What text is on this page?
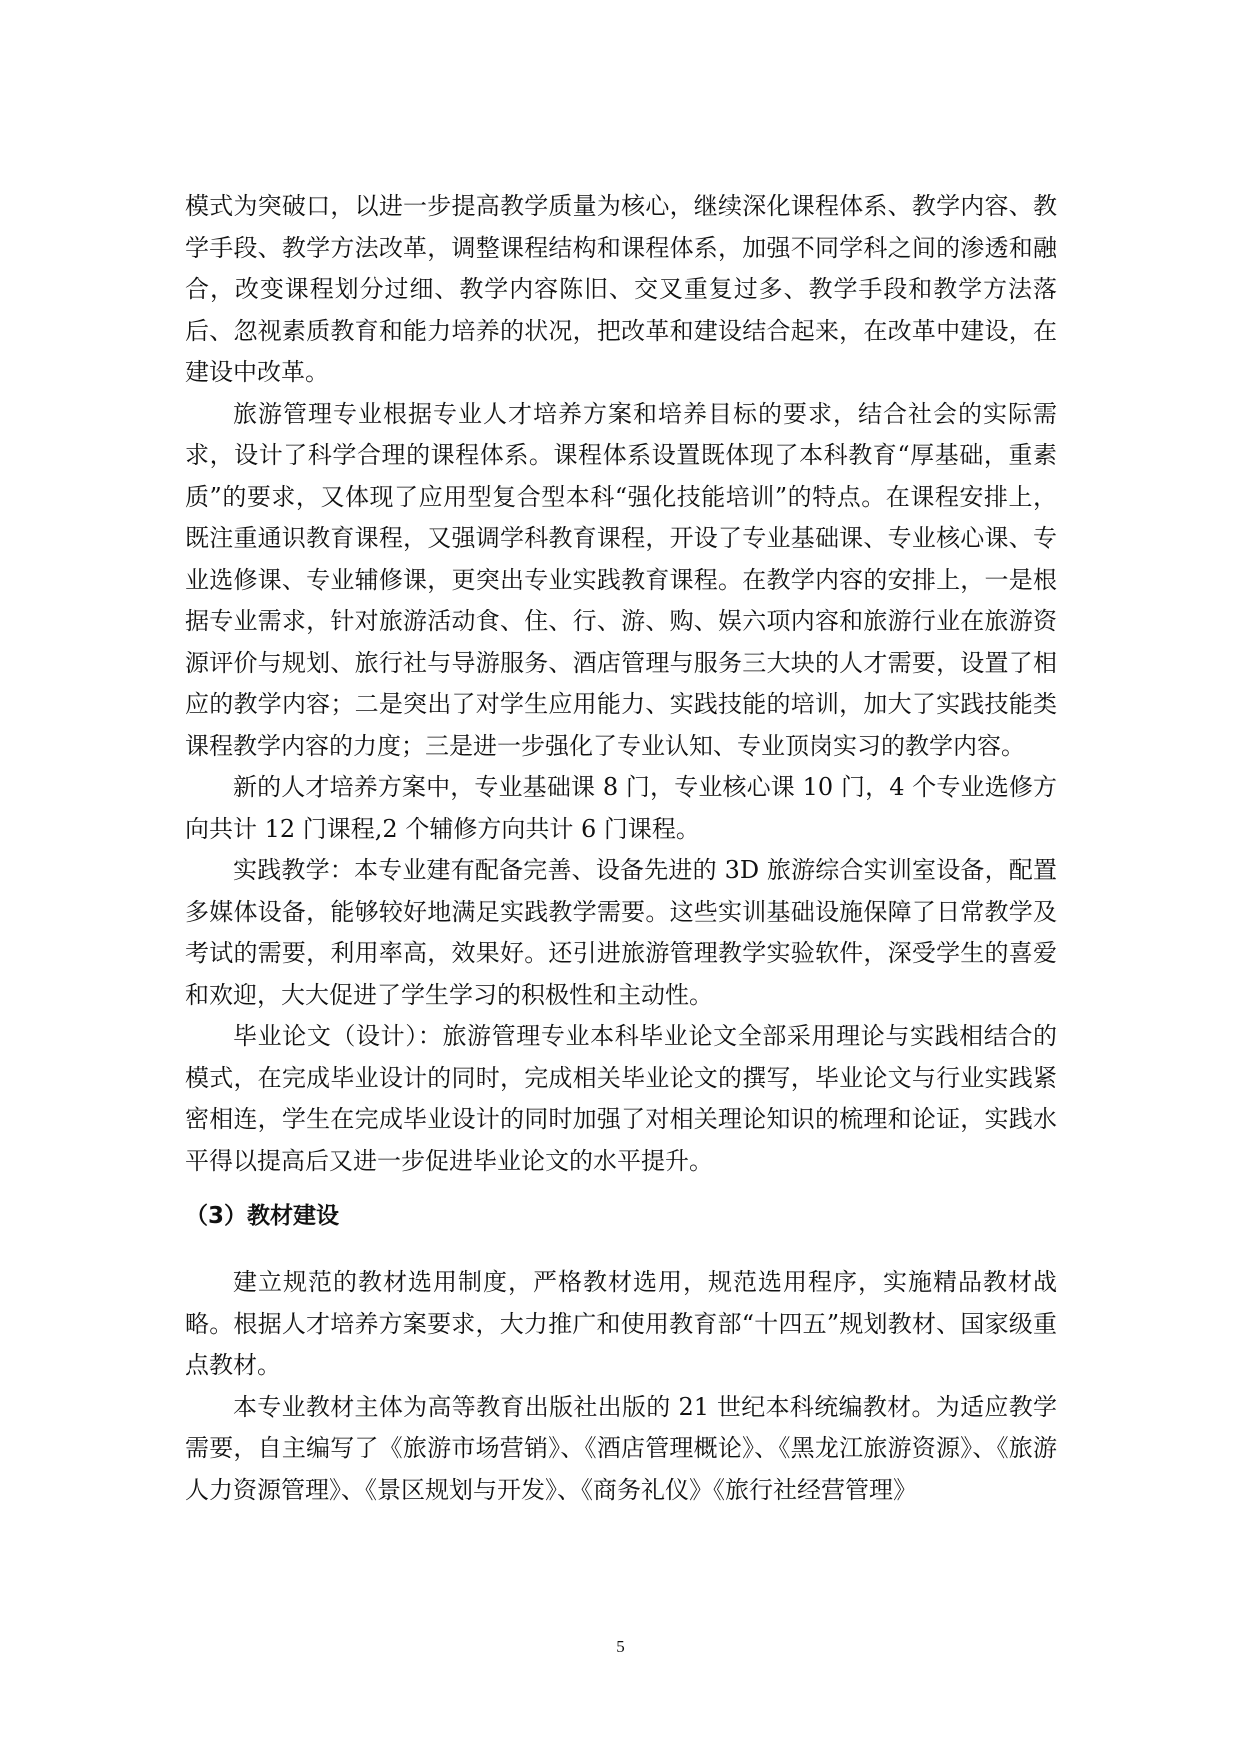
模式为突破口，以进一步提高教学质量为核心，继续深化课程体系、教学内容、教学手段、教学方法改革，调整课程结构和课程体系，加强不同学科之间的渗透和融合，改变课程划分过细、教学内容陈旧、交叉重复过多、教学手段和教学方法落后、忽视素质教育和能力培养的状况，把改革和建设结合起来，在改革中建设，在建设中改革。

旅游管理专业根据专业人才培养方案和培养目标的要求，结合社会的实际需求，设计了科学合理的课程体系。课程体系设置既体现了本科教育“厚基础，重素质”的要求，又体现了应用型复合型本科“强化技能培训”的特点。在课程安排上，既注重通识教育课程，又强调学科教育课程，开设了专业基础课、专业核心课、专业选修课、专业辅修课，更突出专业实践教育课程。在教学内容的安排上，一是根据专业需求，针对旅游活动食、住、行、游、购、娱六项内容和旅游行业在旅游资源评价与规划、旅行社与导游服务、酒店管理与服务三大块的人才需要，设置了相应的教学内容；二是突出了对学生应用能力、实践技能的培训，加大了实践技能类课程教学内容的力度；三是进一步强化了专业认知、专业顶岗实习的教学内容。

新的人才培养方案中，专业基础课 8 门，专业核心课 10 门，4 个专业选修方向共计 12 门课程,2 个辅修方向共计 6 门课程。

实践教学：本专业建有配备完善、设备先进的 3D 旅游综合实训室设备，配置多媒体设备，能够较好地满足实践教学需要。这些实训基础设施保障了日常教学及考试的需要，利用率高，效果好。还引进旅游管理教学实验软件，深受学生的喜爱和欢迎，大大促进了学生学习的积极性和主动性。

毕业论文（设计）：旅游管理专业本科毕业论文全部采用理论与实践相结合的模式，在完成毕业设计的同时，完成相关毕业论文的撰写，毕业论文与行业实践紧密相连，学生在完成毕业设计的同时加强了对相关理论知识的梳理和论证，实践水平得以提高后又进一步促进毕业论文的水平提升。

（3）教材建设

建立规范的教材选用制度，严格教材选用，规范选用程序，实施精品教材战略。根据人才培养方案要求，大力推广和使用教育部“十四五”规划教材、国家级重点教材。

本专业教材主体为高等教育出版社出版的 21 世纪本科统编教材。为适应教学需要，自主编写了《旅游市场营销》、《酒店管理概论》、《黑龙江旅游资源》、《旅游人力资源管理》、《景区规划与开发》、《商务礼仪》《旅行社经营管理》

5
